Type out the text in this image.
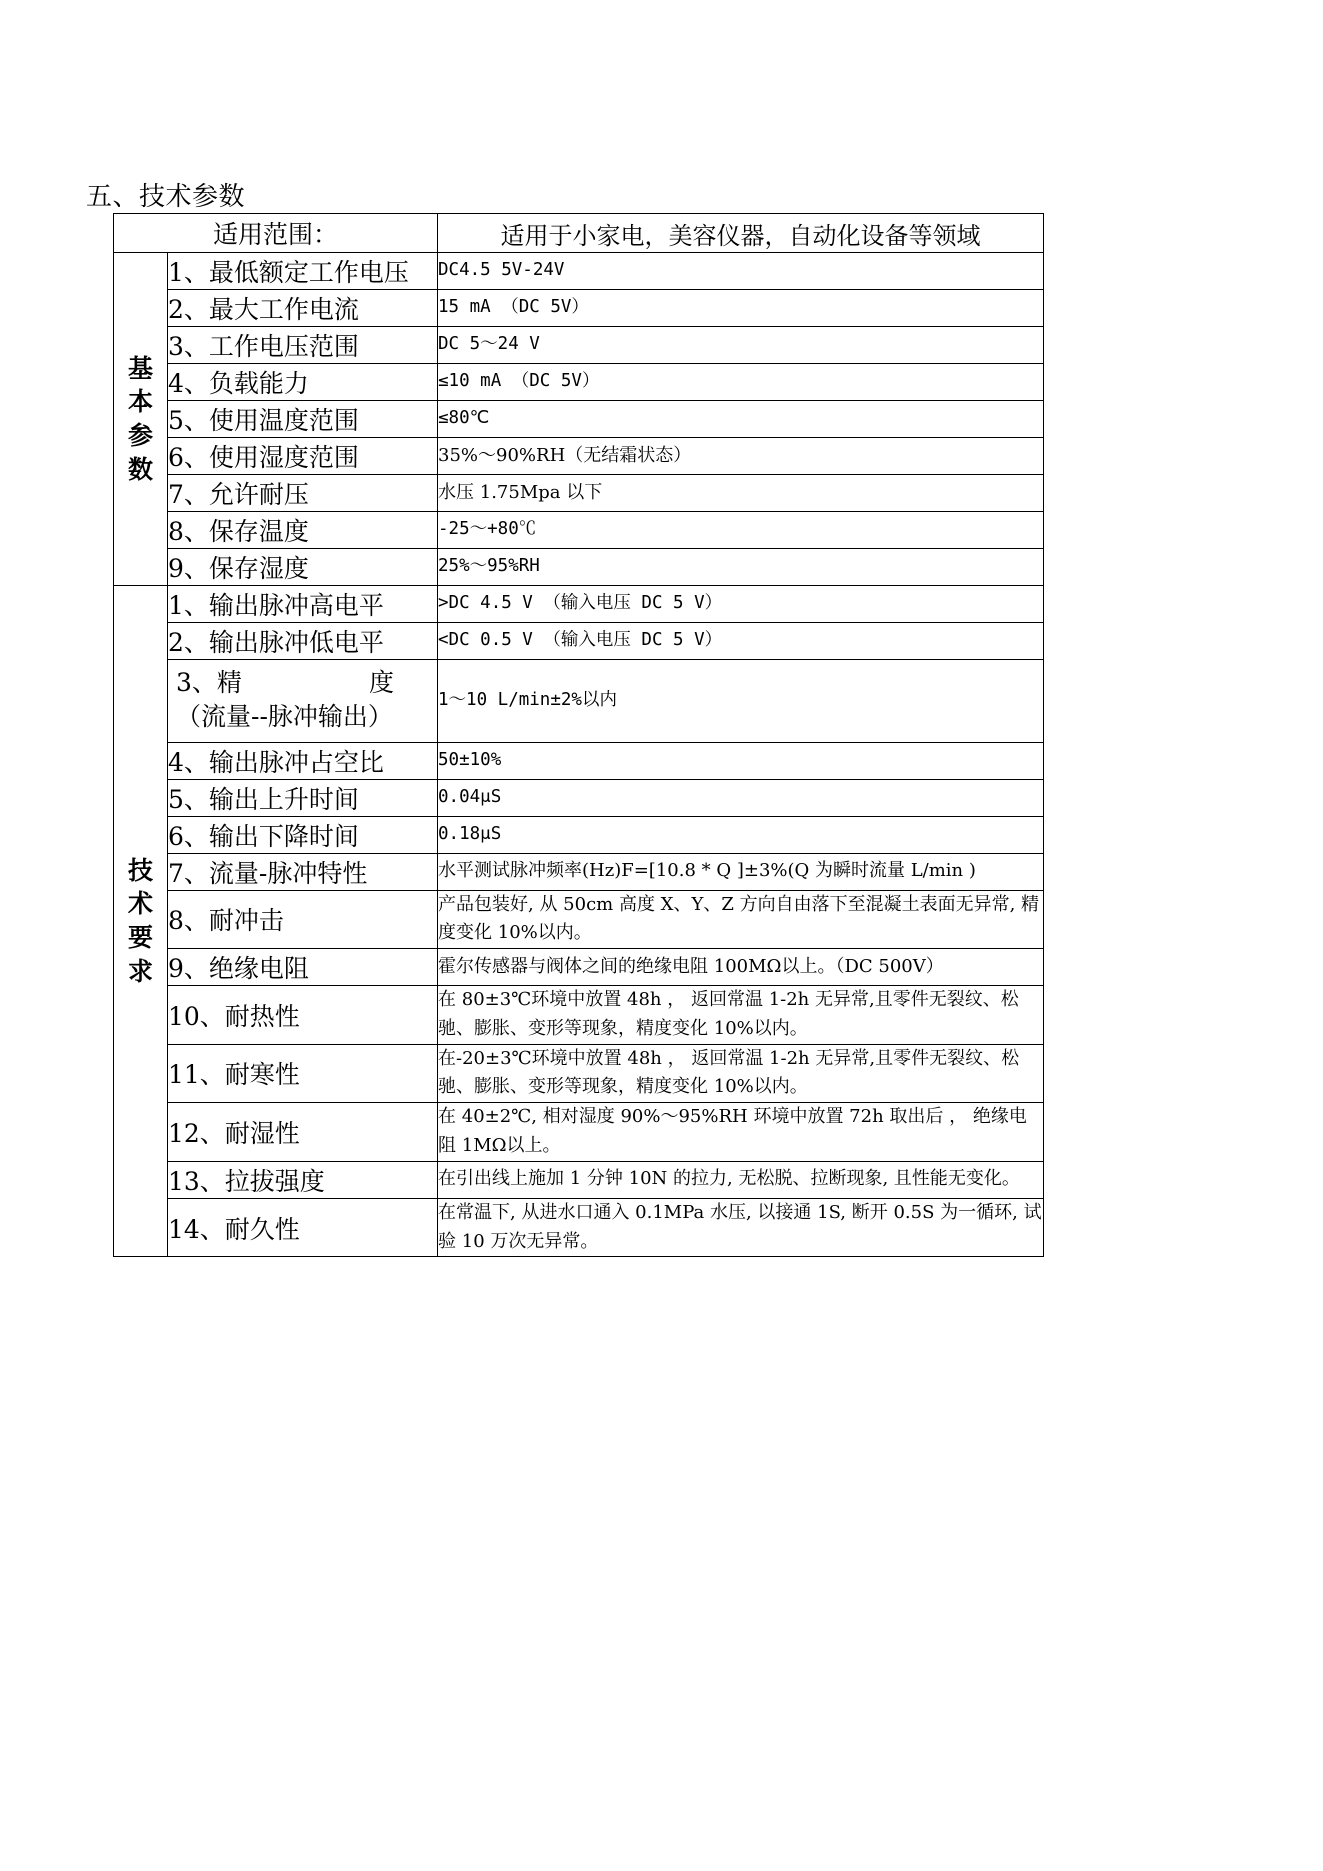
五、技术参数
适用范围：		适用于小家电，美容仪器，自动化设备等领域

基
本
参
数	1、最低额定工作电压	DC4.5 5V-24V
	2、最大工作电流	15 mA （DC 5V）
	3、工作电压范围	DC 5～24 V
	4、负载能力	≤10 mA （DC 5V）
	5、使用温度范围	≤80℃
	6、使用湿度范围	35%～90%RH（无结霜状态）
	7、允许耐压	水压 1.75Mpa 以下
	8、保存温度	-25～+80℃
	9、保存湿度	25%～95%RH

技
术
要
求	1、输出脉冲高电平	>DC 4.5 V （输入电压 DC 5 V）
	2、输出脉冲低电平	<DC 0.5 V （输入电压 DC 5 V）

	3、精 度
（流量--脉冲输出）	1～10 L/min±2%以内
	4、输出脉冲占空比	50±10%
	5、输出上升时间	0.04μS
	6、输出下降时间	0.18μS
	7、流量-脉冲特性	水平测试脉冲频率(Hz)F=[10.8 * Q ]±3%(Q 为瞬时流量 L/min )
	8、耐冲击	产品包装好, 从 50cm 高度 X、Y、Z 方向自由落下至混凝土表面无异常, 精度变化 10%以内。
	9、绝缘电阻	霍尔传感器与阀体之间的绝缘电阻 100MΩ以上。（DC 500V）
	10、耐热性	在 80±3℃环境中放置 48h ， 返回常温 1-2h 无异常,且零件无裂纹、松驰、膨胀、变形等现象，精度变化 10%以内。
	11、耐寒性	在-20±3℃环境中放置 48h ， 返回常温 1-2h 无异常,且零件无裂纹、松驰、膨胀、变形等现象，精度变化 10%以内。
	12、耐湿性	在 40±2℃, 相对湿度 90%～95%RH 环境中放置 72h 取出后 ， 绝缘电阻 1MΩ以上。
	13、拉拔强度	在引出线上施加 1 分钟 10N 的拉力, 无松脱、拉断现象, 且性能无变化。
	14、耐久性	在常温下, 从进水口通入 0.1MPa 水压, 以接通 1S, 断开 0.5S 为一循环, 试验 10 万次无异常。
